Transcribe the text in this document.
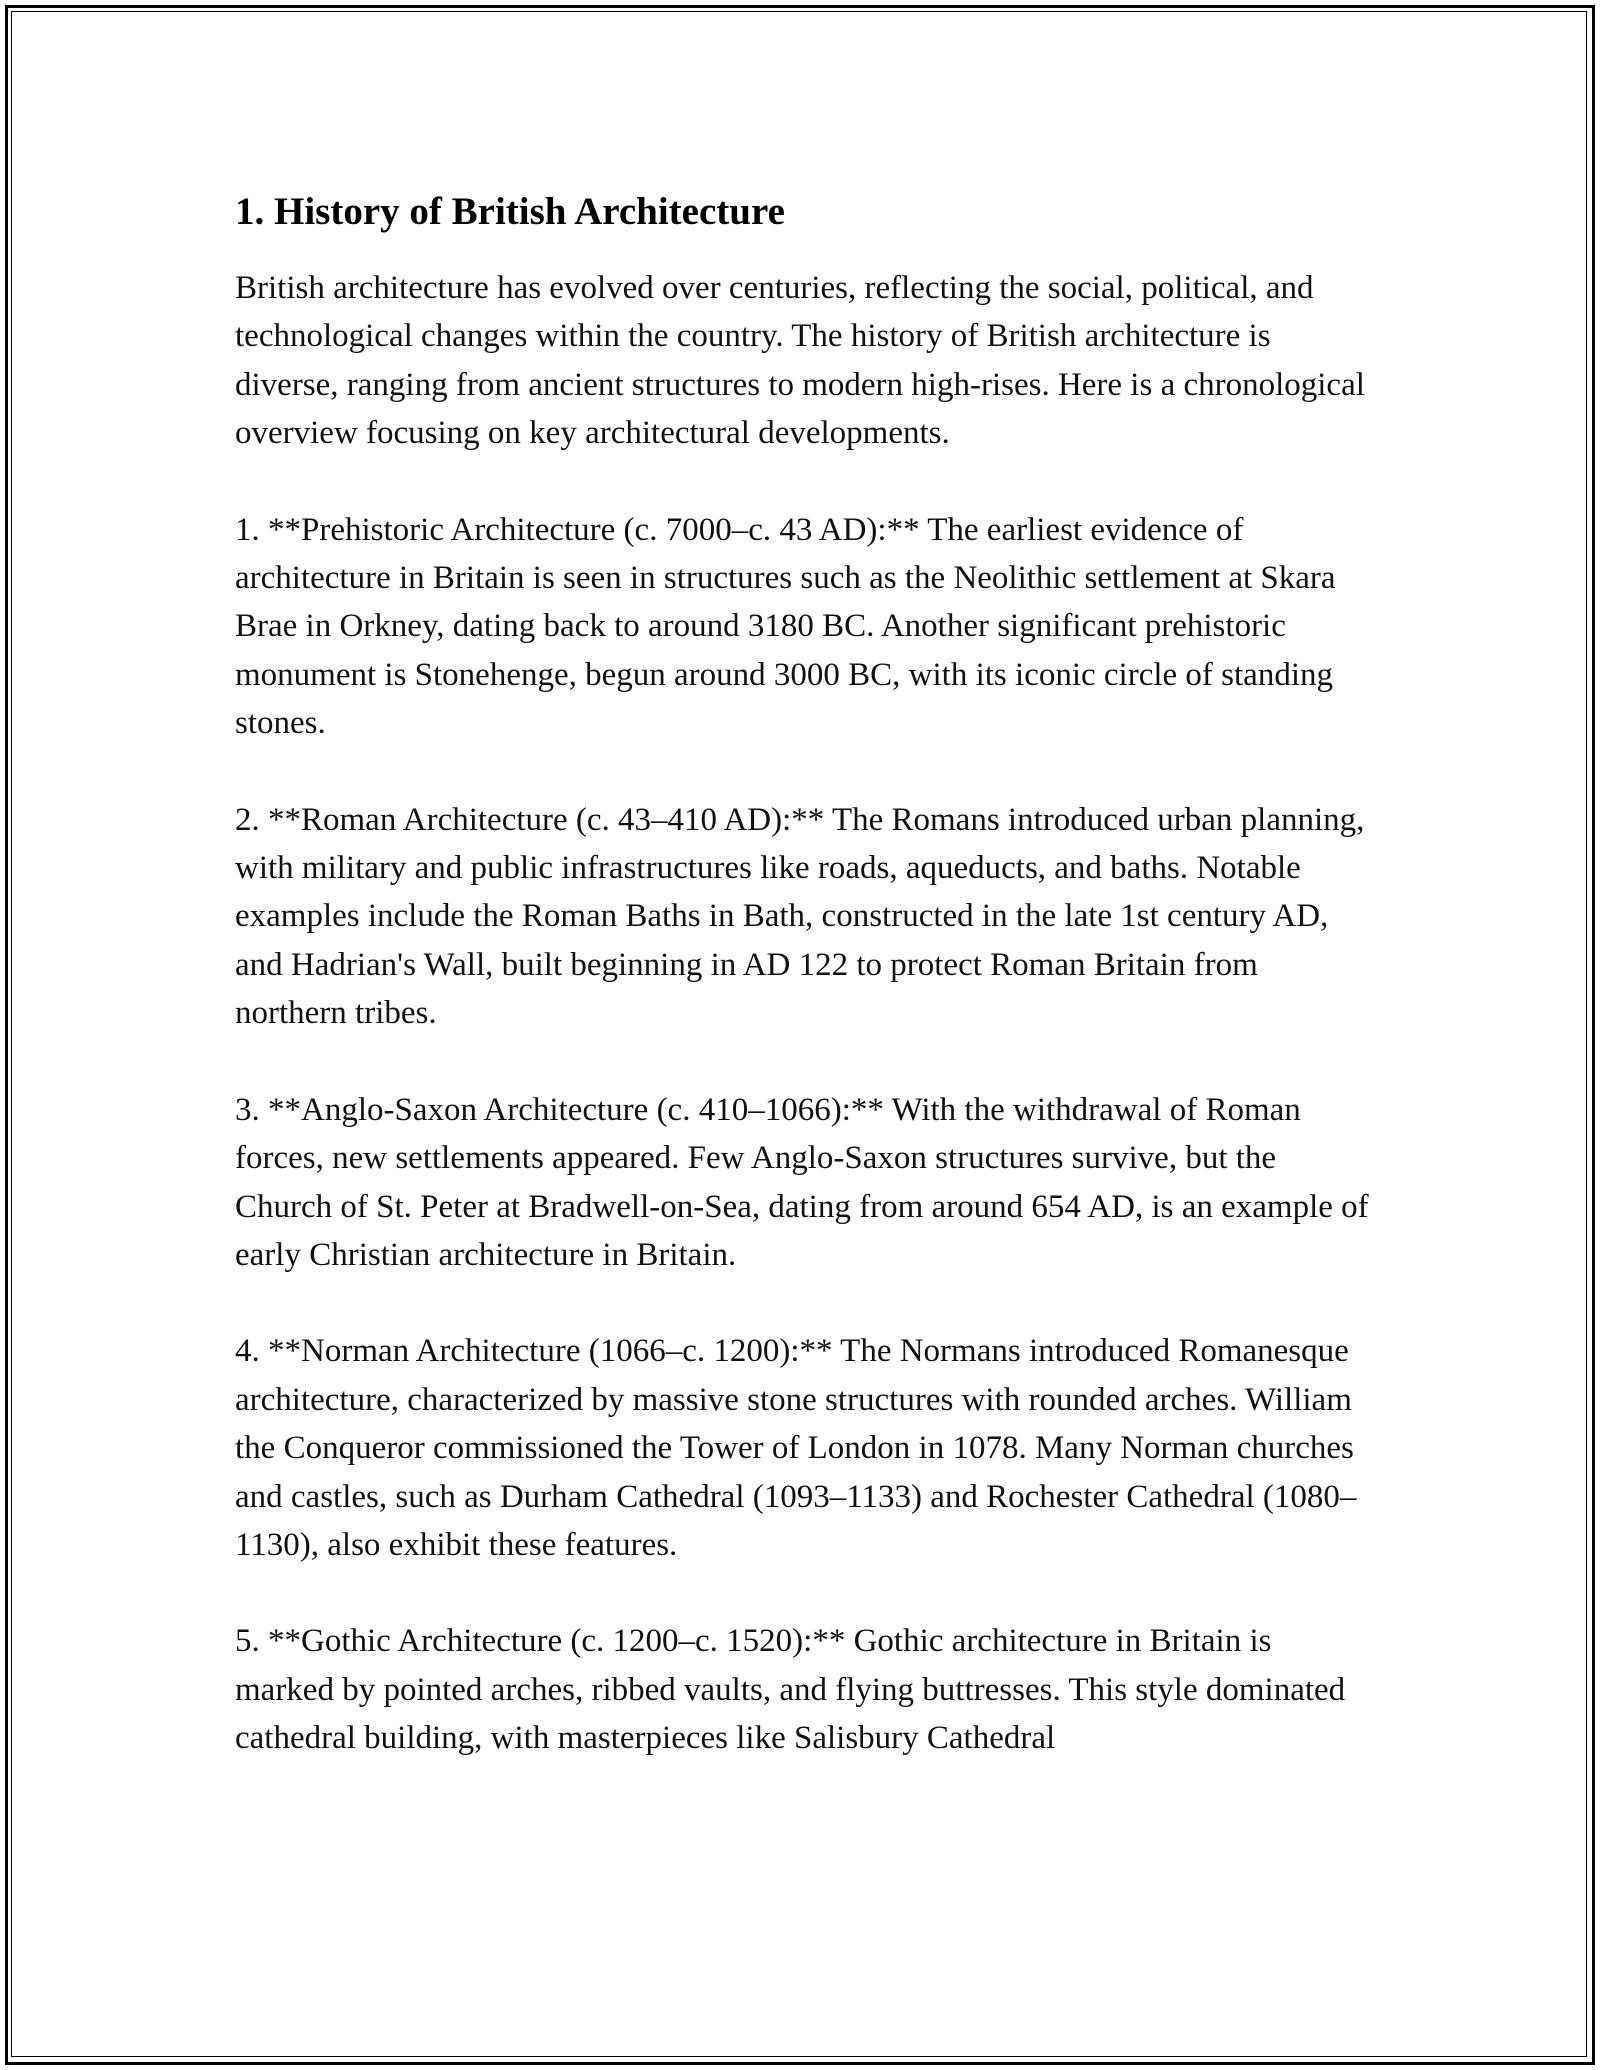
1. History of British Architecture

British architecture has evolved over centuries, reflecting the social, political, and technological changes within the country. The history of British architecture is diverse, ranging from ancient structures to modern high-rises. Here is a chronological overview focusing on key architectural developments.

1. **Prehistoric Architecture (c. 7000–c. 43 AD):** The earliest evidence of architecture in Britain is seen in structures such as the Neolithic settlement at Skara Brae in Orkney, dating back to around 3180 BC. Another significant prehistoric monument is Stonehenge, begun around 3000 BC, with its iconic circle of standing stones.

2. **Roman Architecture (c. 43–410 AD):** The Romans introduced urban planning, with military and public infrastructures like roads, aqueducts, and baths. Notable examples include the Roman Baths in Bath, constructed in the late 1st century AD, and Hadrian's Wall, built beginning in AD 122 to protect Roman Britain from northern tribes.

3. **Anglo-Saxon Architecture (c. 410–1066):** With the withdrawal of Roman forces, new settlements appeared. Few Anglo-Saxon structures survive, but the Church of St. Peter at Bradwell-on-Sea, dating from around 654 AD, is an example of early Christian architecture in Britain.

4. **Norman Architecture (1066–c. 1200):** The Normans introduced Romanesque architecture, characterized by massive stone structures with rounded arches. William the Conqueror commissioned the Tower of London in 1078. Many Norman churches and castles, such as Durham Cathedral (1093–1133) and Rochester Cathedral (1080–1130), also exhibit these features.

5. **Gothic Architecture (c. 1200–c. 1520):** Gothic architecture in Britain is marked by pointed arches, ribbed vaults, and flying buttresses. This style dominated cathedral building, with masterpieces like Salisbury Cathedral
